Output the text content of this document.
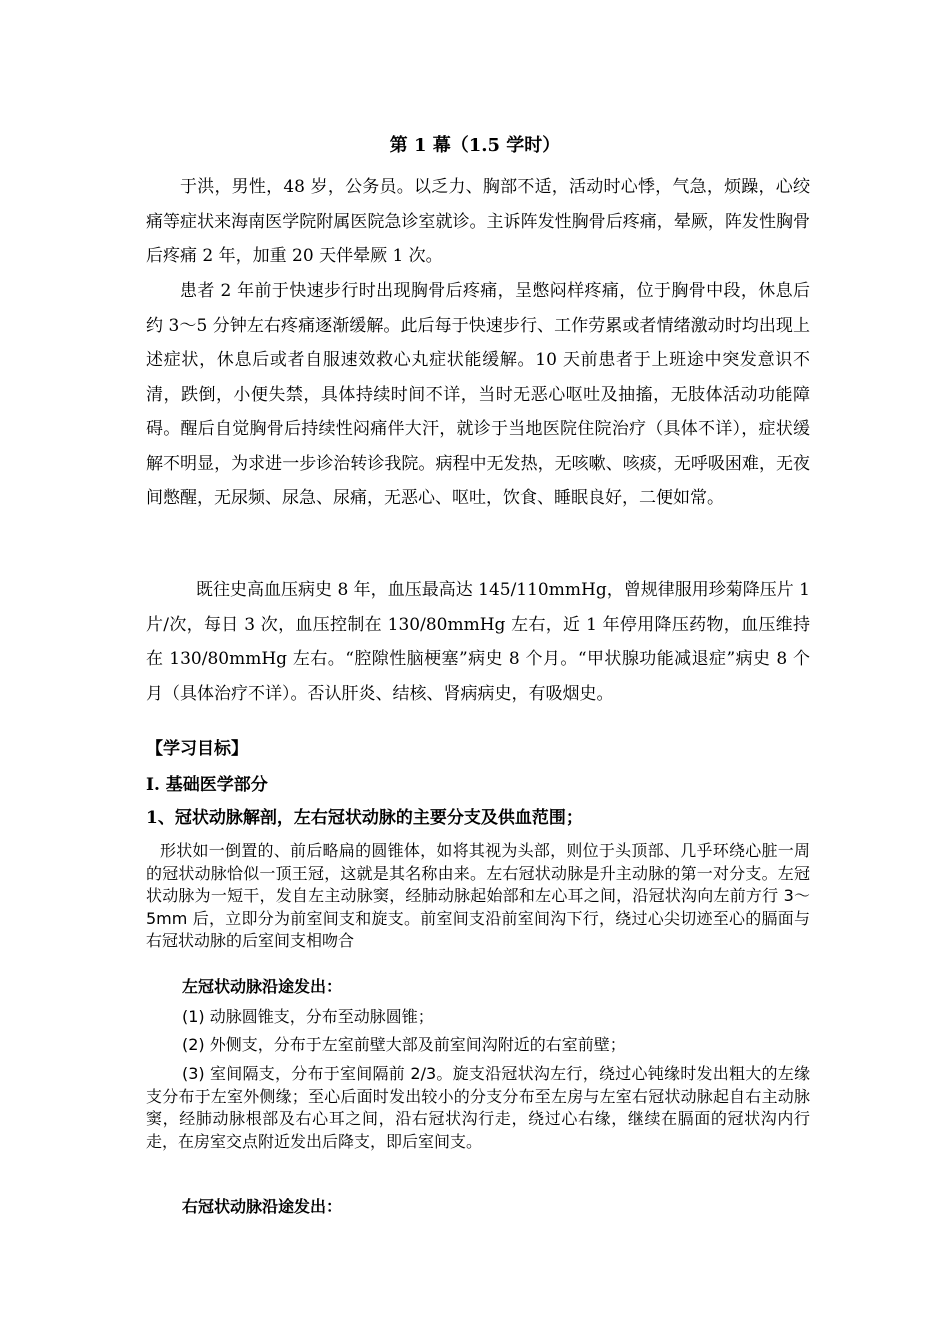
第 1 幕（1.5 学时）

于洪，男性，48 岁，公务员。以乏力、胸部不适，活动时心悸，气急，烦躁，心绞痛等症状来海南医学院附属医院急诊室就诊。主诉阵发性胸骨后疼痛，晕厥，阵发性胸骨后疼痛 2 年，加重 20 天伴晕厥 1 次。

患者 2 年前于快速步行时出现胸骨后疼痛，呈憋闷样疼痛，位于胸骨中段，休息后约 3～5 分钟左右疼痛逐渐缓解。此后每于快速步行、工作劳累或者情绪激动时均出现上述症状，休息后或者自服速效救心丸症状能缓解。10 天前患者于上班途中突发意识不清，跌倒，小便失禁，具体持续时间不详，当时无恶心呕吐及抽搐，无肢体活动功能障碍。醒后自觉胸骨后持续性闷痛伴大汗，就诊于当地医院住院治疗（具体不详），症状缓解不明显，为求进一步诊治转诊我院。病程中无发热，无咳嗽、咳痰，无呼吸困难，无夜间憋醒，无尿频、尿急、尿痛，无恶心、呕吐，饮食、睡眠良好，二便如常。

既往史高血压病史 8 年，血压最高达 145/110mmHg，曾规律服用珍菊降压片 1 片/次，每日 3 次，血压控制在 130/80mmHg 左右，近 1 年停用降压药物，血压维持在 130/80mmHg 左右。“腔隙性脑梗塞”病史 8 个月。“甲状腺功能减退症”病史 8 个月（具体治疗不详）。否认肝炎、结核、肾病病史，有吸烟史。

【学习目标】
I. 基础医学部分
1、冠状动脉解剖，左右冠状动脉的主要分支及供血范围；

形状如一倒置的、前后略扁的圆锥体，如将其视为头部，则位于头顶部、几乎环绕心脏一周的冠状动脉恰似一顶王冠，这就是其名称由来。左右冠状动脉是升主动脉的第一对分支。左冠状动脉为一短干，发自左主动脉窦，经肺动脉起始部和左心耳之间，沿冠状沟向左前方行 3～5mm 后，立即分为前室间支和旋支。前室间支沿前室间沟下行，绕过心尖切迹至心的膈面与右冠状动脉的后室间支相吻合

左冠状动脉沿途发出：
(1) 动脉圆锥支，分布至动脉圆锥；
(2) 外侧支，分布于左室前壁大部及前室间沟附近的右室前壁；

(3) 室间隔支，分布于室间隔前 2/3。旋支沿冠状沟左行，绕过心钝缘时发出粗大的左缘支分布于左室外侧缘；至心后面时发出较小的分支分布至左房与左室右冠状动脉起自右主动脉窦，经肺动脉根部及右心耳之间，沿右冠状沟行走，绕过心右缘，继续在膈面的冠状沟内行走，在房室交点附近发出后降支，即后室间支。

右冠状动脉沿途发出：
